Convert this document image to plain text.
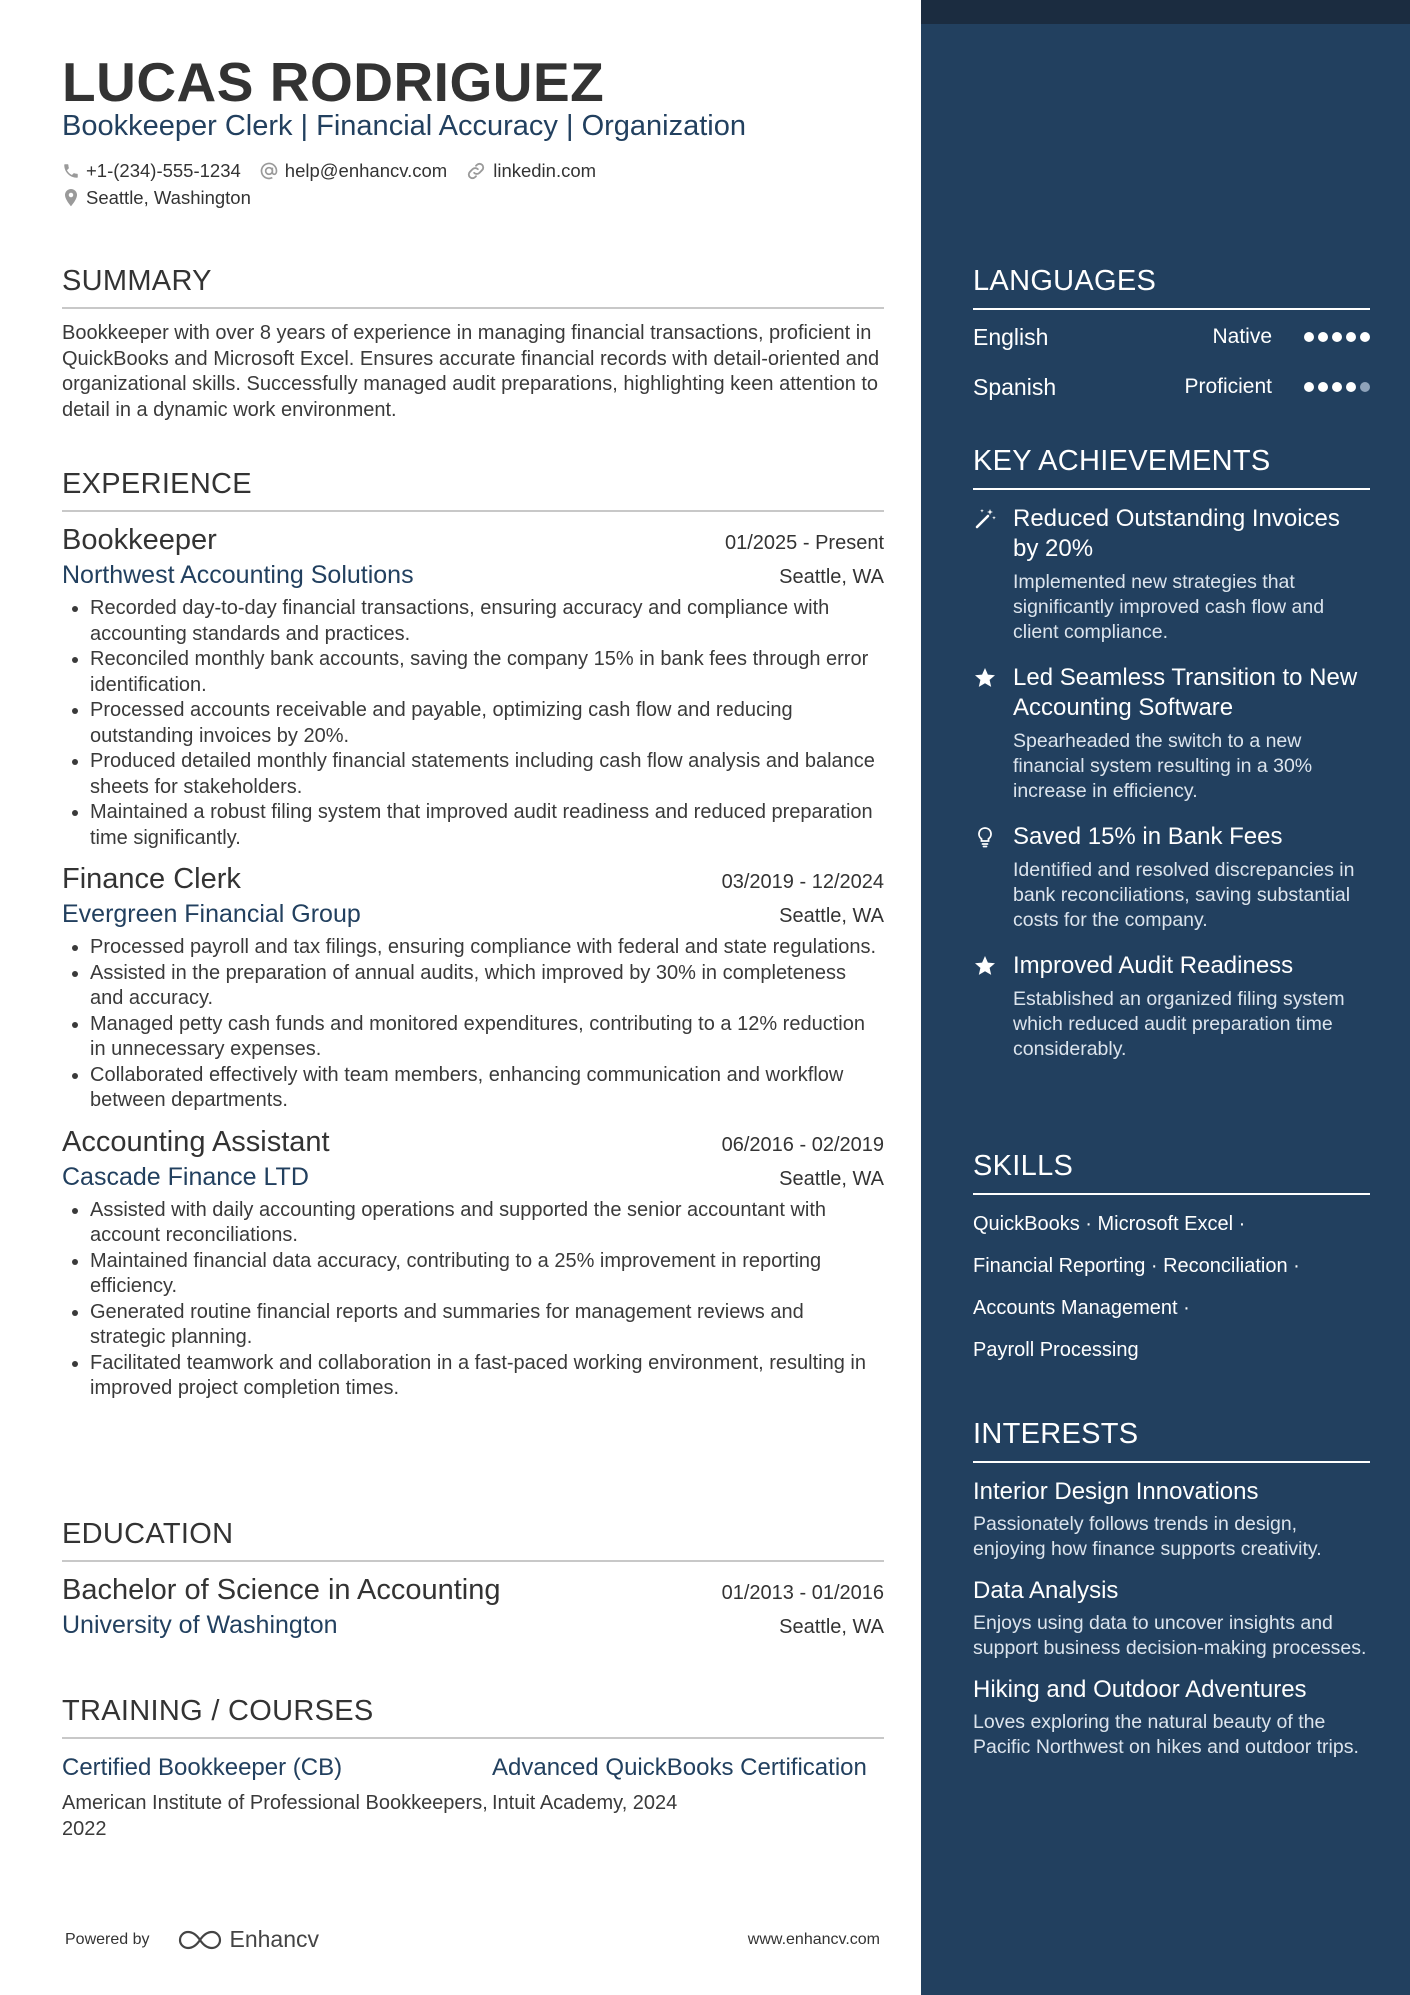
LUCAS RODRIGUEZ
Bookkeeper Clerk | Financial Accuracy | Organization
+1-(234)-555-1234 help@enhancv.com linkedin.com
Seattle, Washington
SUMMARY
Bookkeeper with over 8 years of experience in managing financial transactions, proficient in QuickBooks and Microsoft Excel. Ensures accurate financial records with detail-oriented and organizational skills. Successfully managed audit preparations, highlighting keen attention to detail in a dynamic work environment.
EXPERIENCE
Bookkeeper	01/2025 - Present
Northwest Accounting Solutions	Seattle, WA
• Recorded day-to-day financial transactions, ensuring accuracy and compliance with accounting standards and practices.
• Reconciled monthly bank accounts, saving the company 15% in bank fees through error identification.
• Processed accounts receivable and payable, optimizing cash flow and reducing outstanding invoices by 20%.
• Produced detailed monthly financial statements including cash flow analysis and balance sheets for stakeholders.
• Maintained a robust filing system that improved audit readiness and reduced preparation time significantly.
Finance Clerk	03/2019 - 12/2024
Evergreen Financial Group	Seattle, WA
• Processed payroll and tax filings, ensuring compliance with federal and state regulations.
• Assisted in the preparation of annual audits, which improved by 30% in completeness and accuracy.
• Managed petty cash funds and monitored expenditures, contributing to a 12% reduction in unnecessary expenses.
• Collaborated effectively with team members, enhancing communication and workflow between departments.
Accounting Assistant	06/2016 - 02/2019
Cascade Finance LTD	Seattle, WA
• Assisted with daily accounting operations and supported the senior accountant with account reconciliations.
• Maintained financial data accuracy, contributing to a 25% improvement in reporting efficiency.
• Generated routine financial reports and summaries for management reviews and strategic planning.
• Facilitated teamwork and collaboration in a fast-paced working environment, resulting in improved project completion times.
EDUCATION
Bachelor of Science in Accounting	01/2013 - 01/2016
University of Washington	Seattle, WA
TRAINING / COURSES
Certified Bookkeeper (CB)
American Institute of Professional Bookkeepers, 2022
Advanced QuickBooks Certification
Intuit Academy, 2024
Powered by	Enhancv	www.enhancv.com
LANGUAGES
English	Native
Spanish	Proficient
KEY ACHIEVEMENTS
Reduced Outstanding Invoices by 20%
Implemented new strategies that significantly improved cash flow and client compliance.
Led Seamless Transition to New Accounting Software
Spearheaded the switch to a new financial system resulting in a 30% increase in efficiency.
Saved 15% in Bank Fees
Identified and resolved discrepancies in bank reconciliations, saving substantial costs for the company.
Improved Audit Readiness
Established an organized filing system which reduced audit preparation time considerably.
SKILLS
QuickBooks · Microsoft Excel ·
Financial Reporting · Reconciliation ·
Accounts Management ·
Payroll Processing
INTERESTS
Interior Design Innovations
Passionately follows trends in design, enjoying how finance supports creativity.
Data Analysis
Enjoys using data to uncover insights and support business decision-making processes.
Hiking and Outdoor Adventures
Loves exploring the natural beauty of the Pacific Northwest on hikes and outdoor trips.
